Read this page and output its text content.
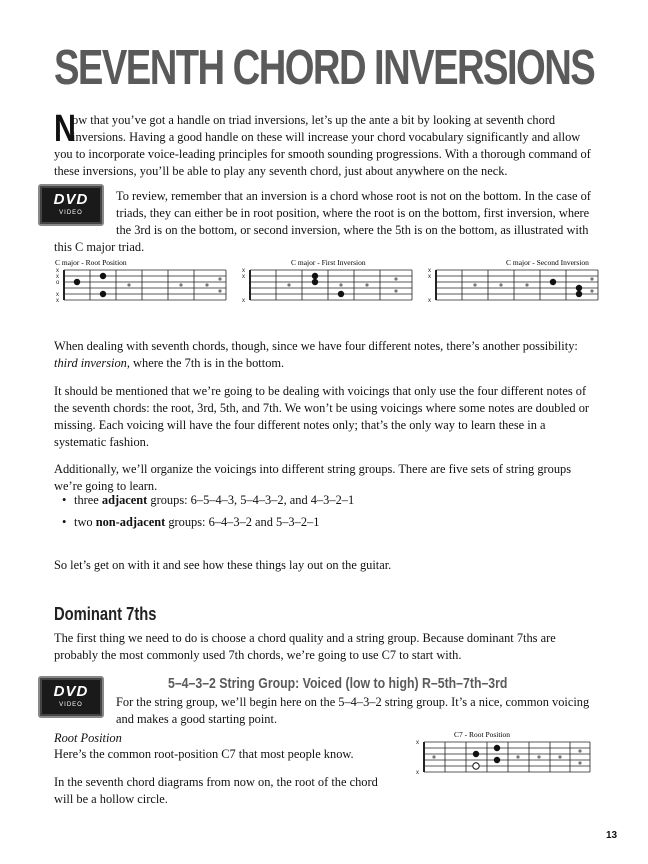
SEVENTH CHORD INVERSIONS
N
ow that you’ve got a handle on triad inversions, let’s up the ante a bit by looking at seventh chord inversions. Having a good handle on these will increase your chord vocabulary significantly and allow you to incorporate voice-leading principles for smooth sounding progressions. With a thorough command of these inversions, you’ll be able to play any seventh chord, just about anywhere on the neck.
DVD
VIDEO
To review, remember that an inversion is a chord whose root is not on the bottom. In the case of triads, they can either be in root position, where the root is on the bottom, first inversion, where the 3rd is on the bottom, or second inversion, where the 5th is on the bottom, as illustrated with this C major triad.
C major - Root Position
x
x
o
x
x
C major - First Inversion
x
x
x
C major - Second Inversion
x
x
x
When dealing with seventh chords, though, since we have four different notes, there’s another possibility: third inversion, where the 7th is in the bottom.
It should be mentioned that we’re going to be dealing with voicings that only use the four different notes of the seventh chords: the root, 3rd, 5th, and 7th. We won’t be using voicings where some notes are doubled or missing. Each voicing will have the four different notes only; that’s the only way to learn these in a systematic fashion.
Additionally, we’ll organize the voicings into different string groups. There are five sets of string groups we’re going to learn.
• three adjacent groups: 6–5–4–3, 5–4–3–2, and 4–3–2–1
• two non-adjacent groups: 6–4–3–2 and 5–3–2–1
So let’s get on with it and see how these things lay out on the guitar.
Dominant 7ths
The first thing we need to do is choose a chord quality and a string group. Because dominant 7ths are probably the most commonly used 7th chords, we’re going to use C7 to start with.
DVD
VIDEO
5–4–3–2 String Group: Voiced (low to high) R–5th–7th–3rd
For the string group, we’ll begin here on the 5–4–3–2 string group. It’s a nice, common voicing and makes a good starting point.
Root Position
Here’s the common root-position C7 that most people know.
In the seventh chord diagrams from now on, the root of the chord will be a hollow circle.
C7 - Root Position
x
x
13
